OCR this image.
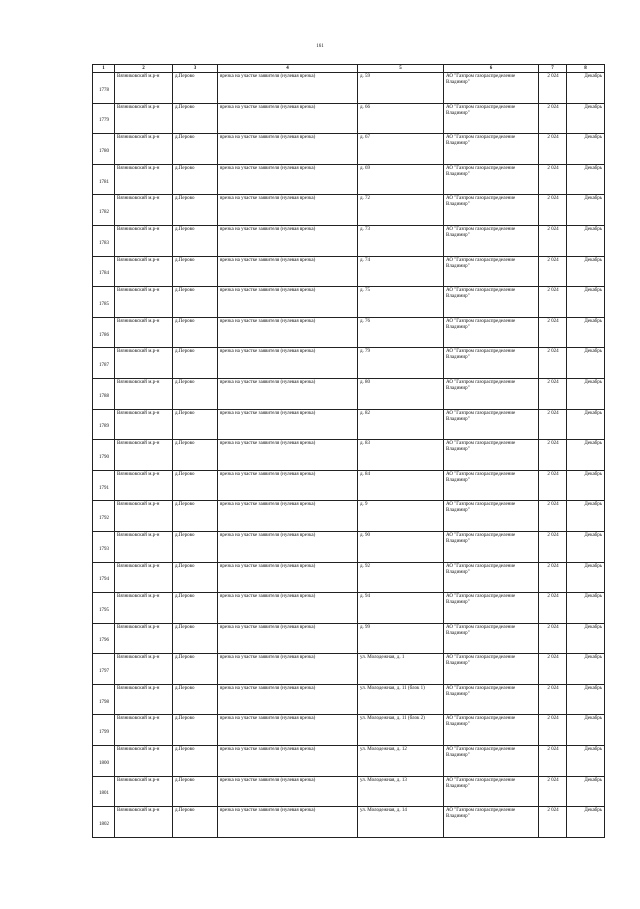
161
1	2	3	4	5	6	7	8
1778	Вязниковский м.р-н	д.Перово	врезка на участке заявителя (нулевая врезка)	д. 59	АО "Газпром газораспределение Владимир"	2 024	Декабрь
1779	Вязниковский м.р-н	д.Перово	врезка на участке заявителя (нулевая врезка)	д. 66	АО "Газпром газораспределение Владимир"	2 024	Декабрь
1780	Вязниковский м.р-н	д.Перово	врезка на участке заявителя (нулевая врезка)	д. 67	АО "Газпром газораспределение Владимир"	2 024	Декабрь
1781	Вязниковский м.р-н	д.Перово	врезка на участке заявителя (нулевая врезка)	д. 69	АО "Газпром газораспределение Владимир"	2 024	Декабрь
1782	Вязниковский м.р-н	д.Перово	врезка на участке заявителя (нулевая врезка)	д. 72	АО "Газпром газораспределение Владимир"	2 024	Декабрь
1783	Вязниковский м.р-н	д.Перово	врезка на участке заявителя (нулевая врезка)	д. 73	АО "Газпром газораспределение Владимир"	2 024	Декабрь
1784	Вязниковский м.р-н	д.Перово	врезка на участке заявителя (нулевая врезка)	д. 74	АО "Газпром газораспределение Владимир"	2 024	Декабрь
1785	Вязниковский м.р-н	д.Перово	врезка на участке заявителя (нулевая врезка)	д. 75	АО "Газпром газораспределение Владимир"	2 024	Декабрь
1786	Вязниковский м.р-н	д.Перово	врезка на участке заявителя (нулевая врезка)	д. 76	АО "Газпром газораспределение Владимир"	2 024	Декабрь
1787	Вязниковский м.р-н	д.Перово	врезка на участке заявителя (нулевая врезка)	д. 79	АО "Газпром газораспределение Владимир"	2 024	Декабрь
1788	Вязниковский м.р-н	д.Перово	врезка на участке заявителя (нулевая врезка)	д. 80	АО "Газпром газораспределение Владимир"	2 024	Декабрь
1789	Вязниковский м.р-н	д.Перово	врезка на участке заявителя (нулевая врезка)	д. 82	АО "Газпром газораспределение Владимир"	2 024	Декабрь
1790	Вязниковский м.р-н	д.Перово	врезка на участке заявителя (нулевая врезка)	д. 83	АО "Газпром газораспределение Владимир"	2 024	Декабрь
1791	Вязниковский м.р-н	д.Перово	врезка на участке заявителя (нулевая врезка)	д. 84	АО "Газпром газораспределение Владимир"	2 024	Декабрь
1792	Вязниковский м.р-н	д.Перово	врезка на участке заявителя (нулевая врезка)	д. 9	АО "Газпром газораспределение Владимир"	2 024	Декабрь
1793	Вязниковский м.р-н	д.Перово	врезка на участке заявителя (нулевая врезка)	д. 90	АО "Газпром газораспределение Владимир"	2 024	Декабрь
1794	Вязниковский м.р-н	д.Перово	врезка на участке заявителя (нулевая врезка)	д. 92	АО "Газпром газораспределение Владимир"	2 024	Декабрь
1795	Вязниковский м.р-н	д.Перово	врезка на участке заявителя (нулевая врезка)	д. 94	АО "Газпром газораспределение Владимир"	2 024	Декабрь
1796	Вязниковский м.р-н	д.Перово	врезка на участке заявителя (нулевая врезка)	д. 99	АО "Газпром газораспределение Владимир"	2 024	Декабрь
1797	Вязниковский м.р-н	д.Перово	врезка на участке заявителя (нулевая врезка)	ул. Молодежная, д. 1	АО "Газпром газораспределение Владимир"	2 024	Декабрь
1798	Вязниковский м.р-н	д.Перово	врезка на участке заявителя (нулевая врезка)	ул. Молодежная, д. 11 (блок 1)	АО "Газпром газораспределение Владимир"	2 024	Декабрь
1799	Вязниковский м.р-н	д.Перово	врезка на участке заявителя (нулевая врезка)	ул. Молодежная, д. 11 (блок 2)	АО "Газпром газораспределение Владимир"	2 024	Декабрь
1800	Вязниковский м.р-н	д.Перово	врезка на участке заявителя (нулевая врезка)	ул. Молодежная, д. 12	АО "Газпром газораспределение Владимир"	2 024	Декабрь
1801	Вязниковский м.р-н	д.Перово	врезка на участке заявителя (нулевая врезка)	ул. Молодежная, д. 13	АО "Газпром газораспределение Владимир"	2 024	Декабрь
1802	Вязниковский м.р-н	д.Перово	врезка на участке заявителя (нулевая врезка)	ул. Молодежная, д. 14	АО "Газпром газораспределение Владимир"	2 024	Декабрь
